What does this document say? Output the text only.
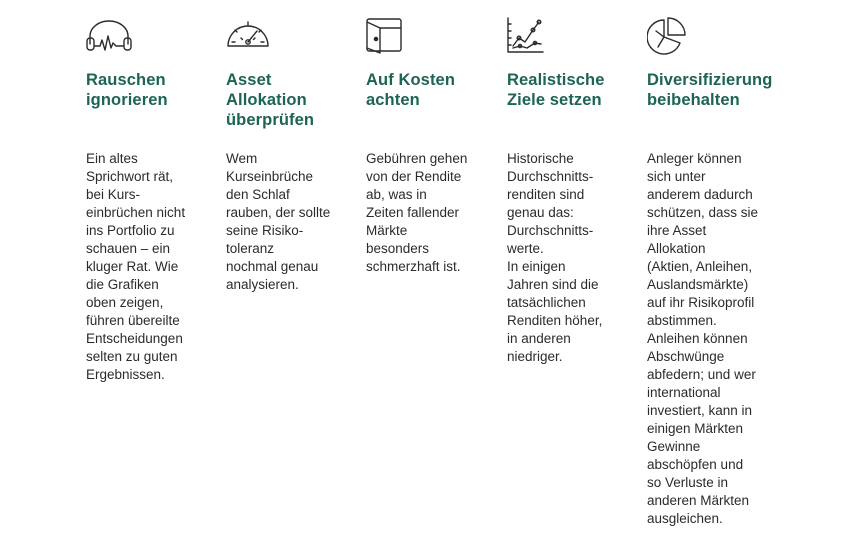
Rauschen
ignorieren
Ein altes
Sprichwort rät,
bei Kurs-
einbrüchen nicht
ins Portfolio zu
schauen – ein
kluger Rat. Wie
die Grafiken
oben zeigen,
führen übereilte
Entscheidungen
selten zu guten
Ergebnissen.
Asset
Allokation
überprüfen
Wem
Kurseinbrüche
den Schlaf
rauben, der sollte
seine Risiko-
toleranz
nochmal genau
analysieren.
Auf Kosten
achten
Gebühren gehen
von der Rendite
ab, was in
Zeiten fallender
Märkte
besonders
schmerzhaft ist.
Realistische
Ziele setzen
Historische
Durchschnitts-
renditen sind
genau das:
Durchschnitts-
werte.
In einigen
Jahren sind die
tatsächlichen
Renditen höher,
in anderen
niedriger.
Diversifizierung
beibehalten
Anleger können
sich unter
anderem dadurch
schützen, dass sie
ihre Asset
Allokation
(Aktien, Anleihen,
Auslandsmärkte)
auf ihr Risikoprofil
abstimmen.
Anleihen können
Abschwünge
abfedern; und wer
international
investiert, kann in
einigen Märkten
Gewinne
abschöpfen und
so Verluste in
anderen Märkten
ausgleichen.
